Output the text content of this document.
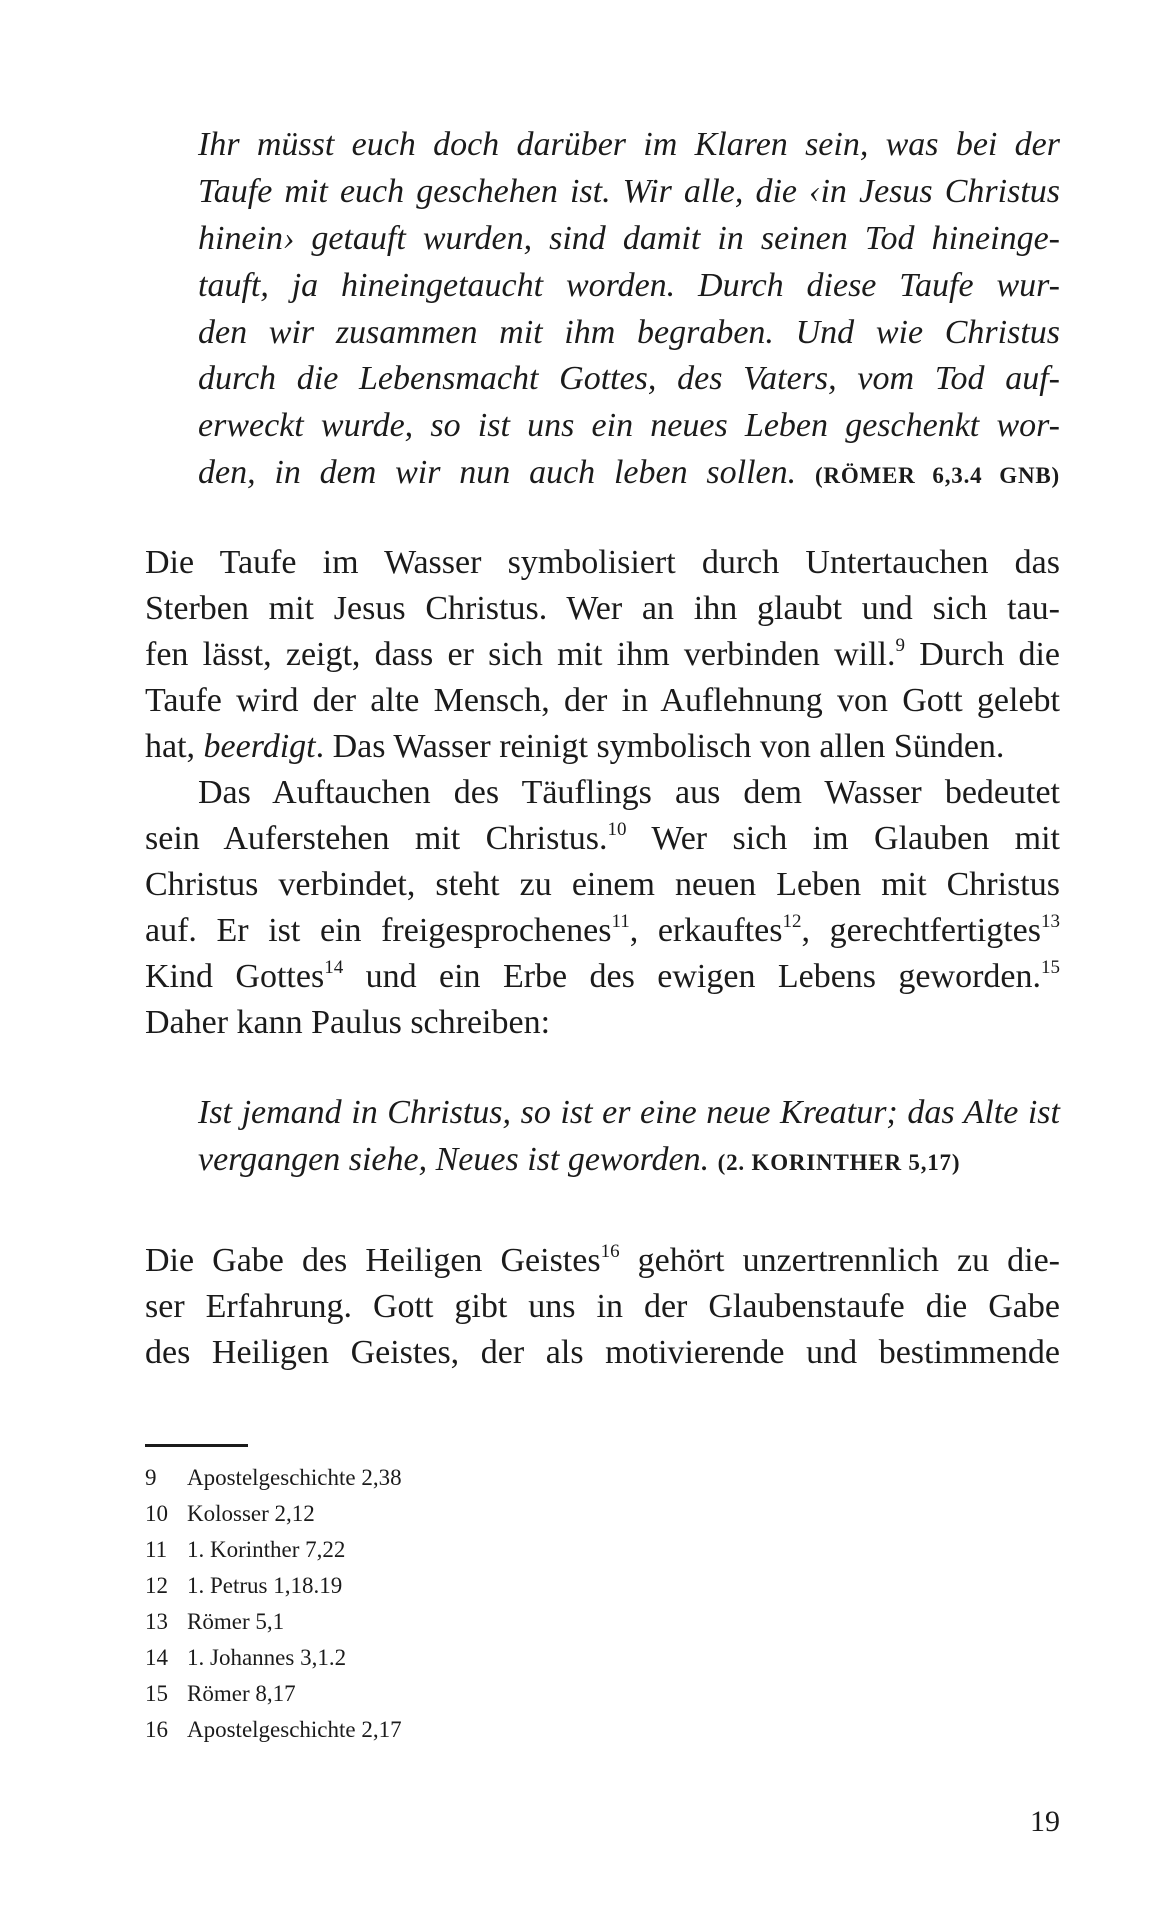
Ihr müsst euch doch darüber im Klaren sein, was bei der
Taufe mit euch geschehen ist. Wir alle, die ‹in Jesus Christus
hinein› getauft wurden, sind damit in seinen Tod hineinge-
tauft, ja hineingetaucht worden. Durch diese Taufe wur-
den wir zusammen mit ihm begraben. Und wie Christus
durch die Lebensmacht Gottes, des Vaters, vom Tod auf-
erweckt wurde, so ist uns ein neues Leben geschenkt wor-
den, in dem wir nun auch leben sollen. (RÖMER 6,3.4 GNB)
Die Taufe im Wasser symbolisiert durch Untertauchen das
Sterben mit Jesus Christus. Wer an ihn glaubt und sich tau-
fen lässt, zeigt, dass er sich mit ihm verbinden will.$^9$ Durch die
Taufe wird der alte Mensch, der in Auflehnung von Gott gelebt
hat, beerdigt. Das Wasser reinigt symbolisch von allen Sünden.
Das Auftauchen des Täuflings aus dem Wasser bedeutet
sein Auferstehen mit Christus.$^{10}$ Wer sich im Glauben mit
Christus verbindet, steht zu einem neuen Leben mit Christus
auf. Er ist ein freigesprochenes$^{11}$, erkauftes$^{12}$, gerechtfertigtes$^{13}$
Kind Gottes$^{14}$ und ein Erbe des ewigen Lebens geworden.$^{15}$
Daher kann Paulus schreiben:
Ist jemand in Christus, so ist er eine neue Kreatur; das Alte ist
vergangen siehe, Neues ist geworden. (2. KORINTHER 5,17)
Die Gabe des Heiligen Geistes$^{16}$ gehört unzertrennlich zu die-
ser Erfahrung. Gott gibt uns in der Glaubenstaufe die Gabe
des Heiligen Geistes, der als motivierende und bestimmende
9 Apostelgeschichte 2,38
10 Kolosser 2,12
11 1. Korinther 7,22
12 1. Petrus 1,18.19
13 Römer 5,1
14 1. Johannes 3,1.2
15 Römer 8,17
16 Apostelgeschichte 2,17
19
